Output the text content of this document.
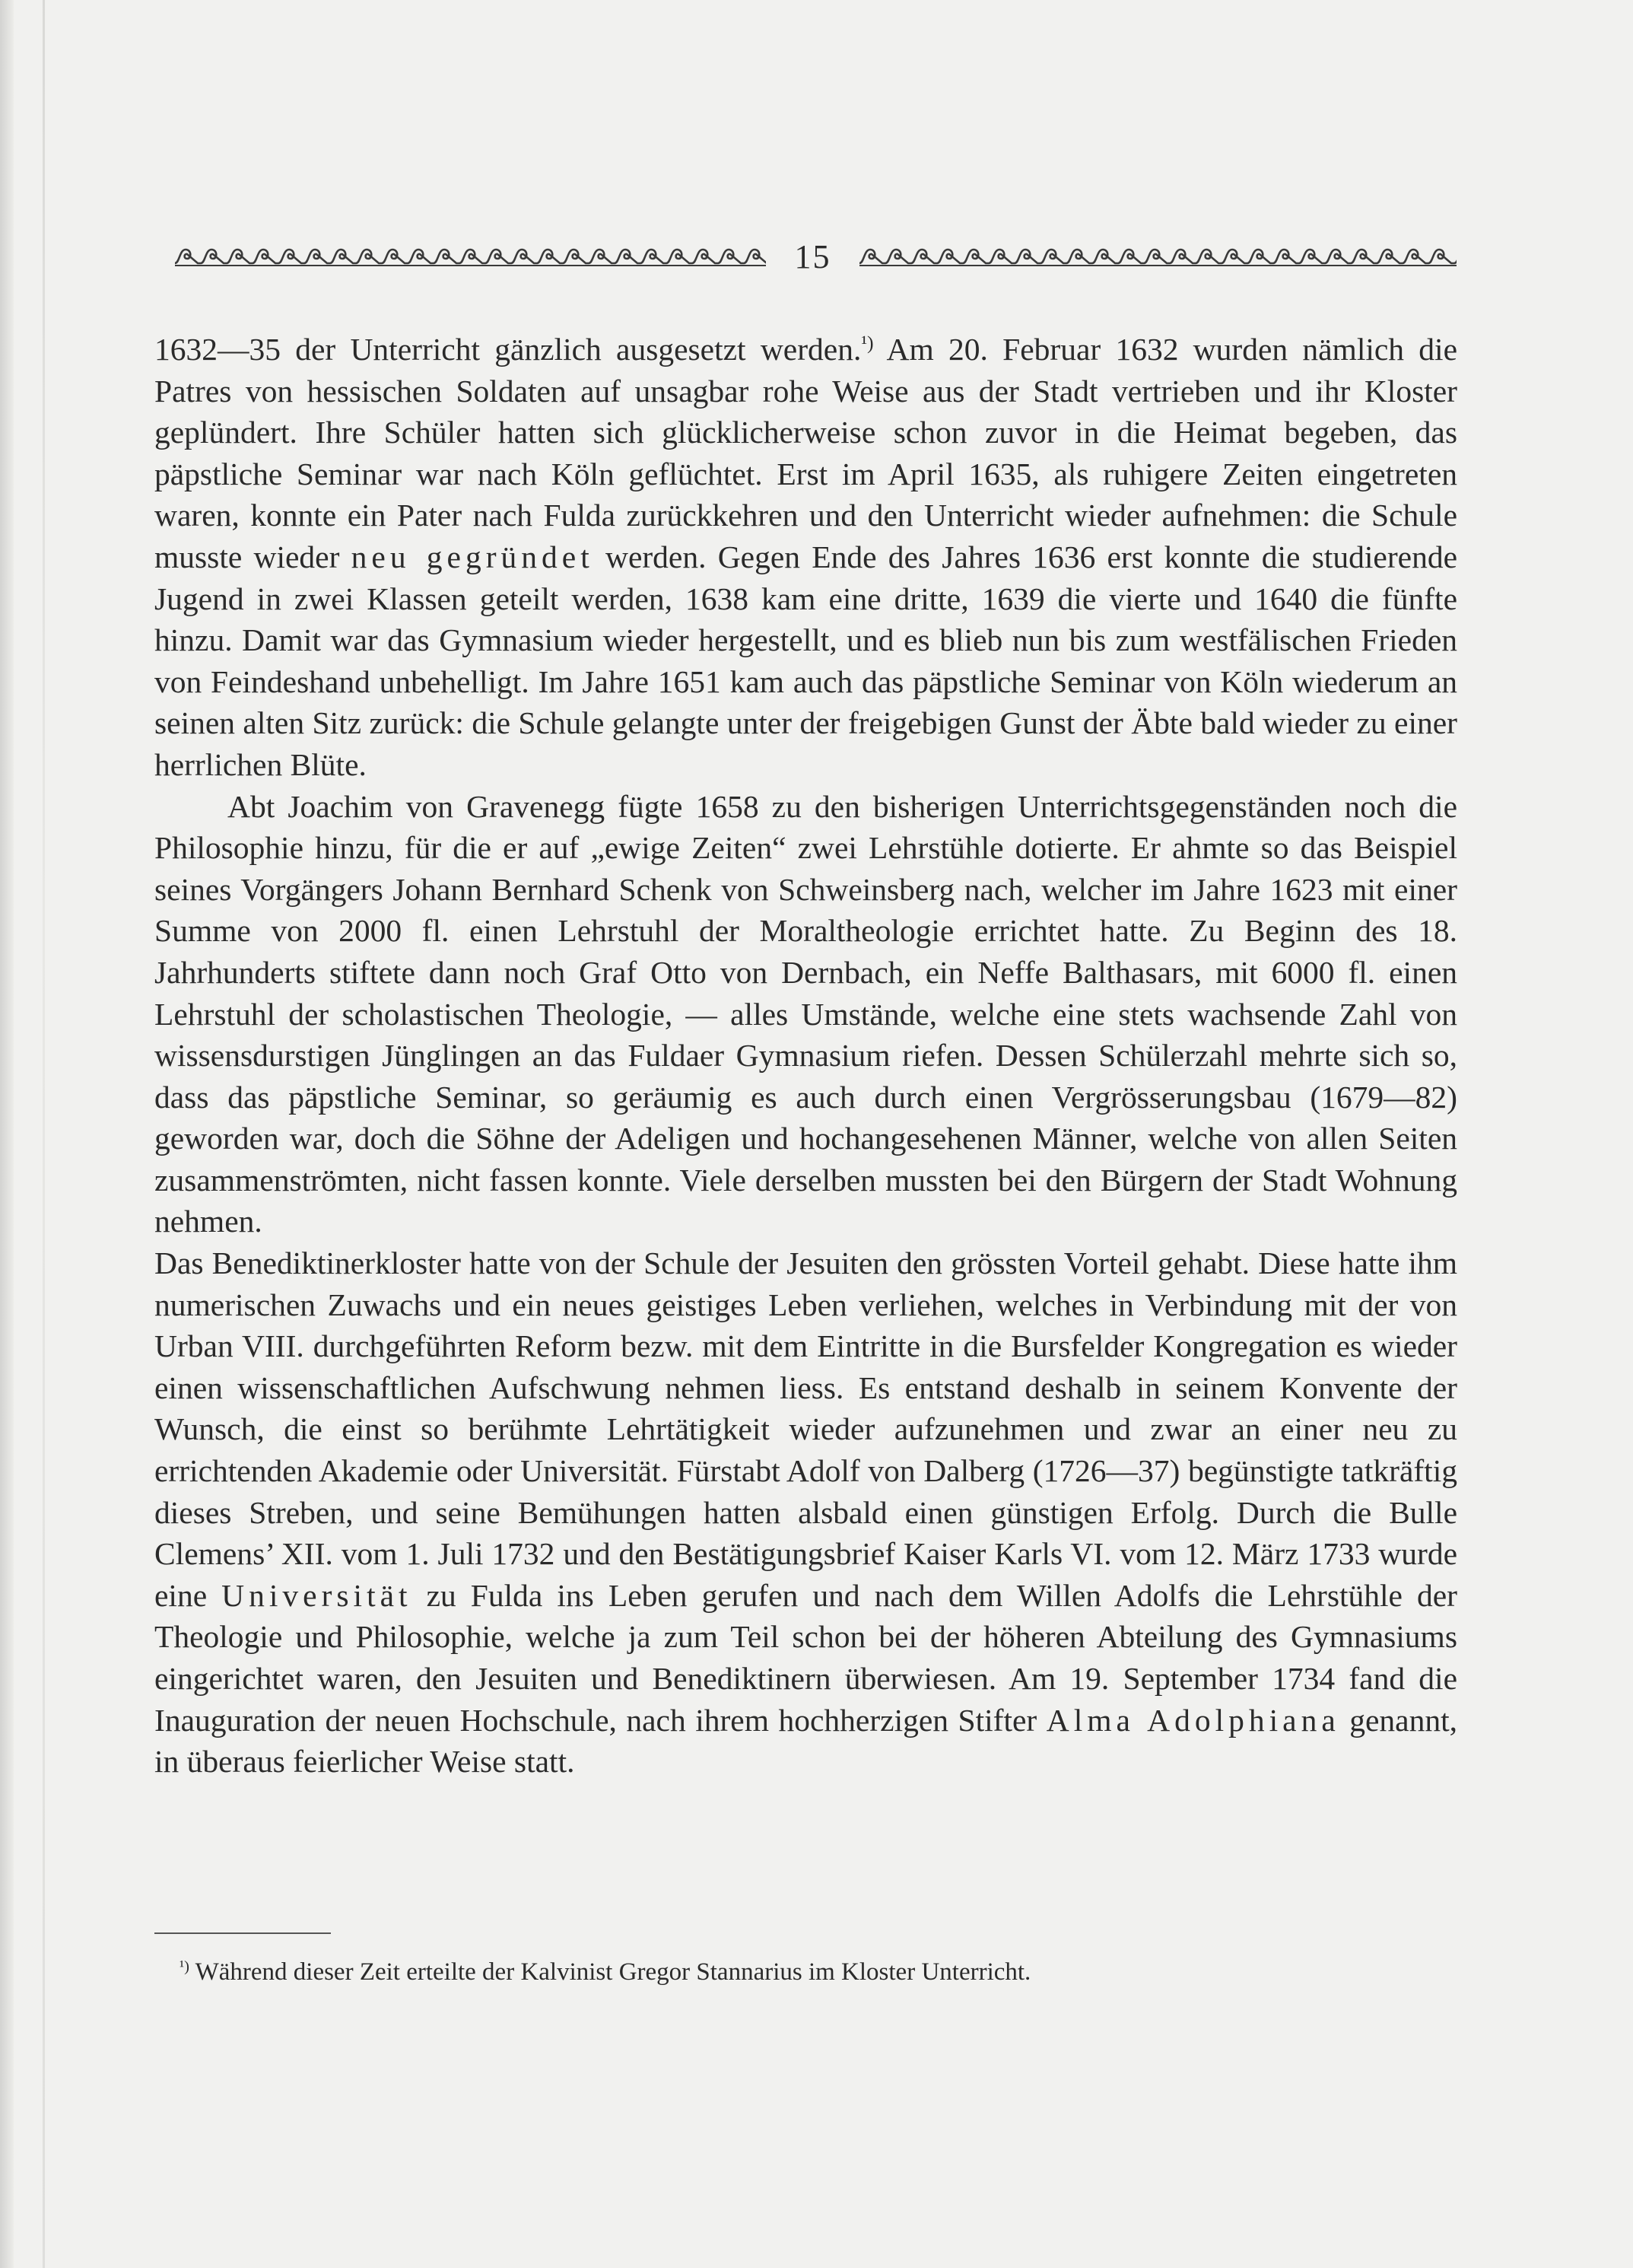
15

1632—35 der Unterricht gänzlich ausgesetzt werden.$^{^1)}$ Am 20. Februar 1632 wurden nämlich die Patres von hessischen Soldaten auf unsagbar rohe Weise aus der Stadt vertrieben und ihr Kloster geplündert. Ihre Schüler hatten sich glücklicherweise schon zuvor in die Heimat begeben, das päpstliche Seminar war nach Köln geflüchtet. Erst im April 1635, als ruhigere Zeiten eingetreten waren, konnte ein Pater nach Fulda zurückkehren und den Unterricht wieder aufnehmen: die Schule musste wieder neu gegründet werden. Gegen Ende des Jahres 1636 erst konnte die studierende Jugend in zwei Klassen geteilt werden, 1638 kam eine dritte, 1639 die vierte und 1640 die fünfte hinzu. Damit war das Gymnasium wieder hergestellt, und es blieb nun bis zum westfälischen Frieden von Feindeshand unbehelligt. Im Jahre 1651 kam auch das päpstliche Seminar von Köln wiederum an seinen alten Sitz zurück: die Schule gelangte unter der freigebigen Gunst der Äbte bald wieder zu einer herrlichen Blüte.

Abt Joachim von Gravenegg fügte 1658 zu den bisherigen Unterrichtsgegenständen noch die Philosophie hinzu, für die er auf „ewige Zeiten“ zwei Lehrstühle dotierte. Er ahmte so das Beispiel seines Vorgängers Johann Bernhard Schenk von Schweinsberg nach, welcher im Jahre 1623 mit einer Summe von 2000 fl. einen Lehrstuhl der Moraltheologie errichtet hatte. Zu Beginn des 18. Jahrhunderts stiftete dann noch Graf Otto von Dernbach, ein Neffe Balthasars, mit 6000 fl. einen Lehrstuhl der scholastischen Theologie, — alles Umstände, welche eine stets wachsende Zahl von wissensdurstigen Jünglingen an das Fuldaer Gymnasium riefen. Dessen Schülerzahl mehrte sich so, dass das päpstliche Seminar, so geräumig es auch durch einen Vergrösserungsbau (1679—82) geworden war, doch die Söhne der Adeligen und hochangesehenen Männer, welche von allen Seiten zusammenströmten, nicht fassen konnte. Viele derselben mussten bei den Bürgern der Stadt Wohnung nehmen.

Das Benediktinerkloster hatte von der Schule der Jesuiten den grössten Vorteil gehabt. Diese hatte ihm numerischen Zuwachs und ein neues geistiges Leben verliehen, welches in Verbindung mit der von Urban VIII. durchgeführten Reform bezw. mit dem Eintritte in die Bursfelder Kongregation es wieder einen wissenschaftlichen Aufschwung nehmen liess. Es entstand deshalb in seinem Konvente der Wunsch, die einst so berühmte Lehrtätigkeit wieder aufzunehmen und zwar an einer neu zu errichtenden Akademie oder Universität. Fürstabt Adolf von Dalberg (1726—37) begünstigte tatkräftig dieses Streben, und seine Bemühungen hatten alsbald einen günstigen Erfolg. Durch die Bulle Clemens’ XII. vom 1. Juli 1732 und den Bestätigungsbrief Kaiser Karls VI. vom 12. März 1733 wurde eine Universität zu Fulda ins Leben gerufen und nach dem Willen Adolfs die Lehrstühle der Theologie und Philosophie, welche ja zum Teil schon bei der höheren Abteilung des Gymnasiums eingerichtet waren, den Jesuiten und Benediktinern überwiesen. Am 19. September 1734 fand die Inauguration der neuen Hochschule, nach ihrem hochherzigen Stifter Alma Adolphiana genannt, in überaus feierlicher Weise statt.

$^{^1)}$ Während dieser Zeit erteilte der Kalvinist Gregor Stannarius im Kloster Unterricht.
